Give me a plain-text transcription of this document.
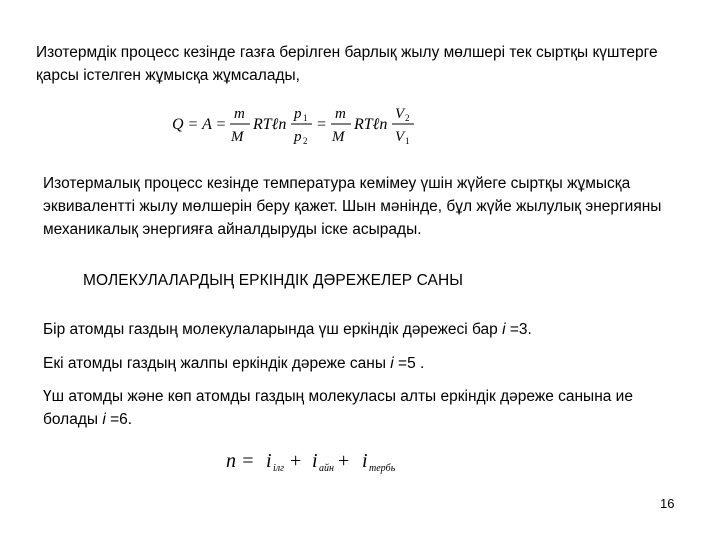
Изотермдік процесс кезінде газға берілген барлық жылу мөлшері тек сыртқы күштерге қарсы істелген жұмысқа жұмсалады,
Q = A =
m
M
RTℓn
p 1
p 2
=
m
M
RTℓn
V 2
V 1
Изотермалық процесс кезінде температура кемімеу үшін жүйеге сыртқы жұмысқа эквивалентті жылу мөлшерін беру қажет. Шын мәнінде, бұл жүйе жылулық энергияны механикалық энергияға айналдыруды іске асырады.
МОЛЕКУЛАЛАРДЫҢ ЕРКІНДІК ДӘРЕЖЕЛЕР САНЫ
Бір атомды газдың молекулаларында үш еркіндік дәрежесі бар i =3.
Екі атомды газдың жалпы еркіндік дәреже саны i =5 .
Үш атомды және көп атомды газдың молекуласы алты еркіндік дәреже санына ие болады i =6.
n = i ілг + i айн + i тербь
16
